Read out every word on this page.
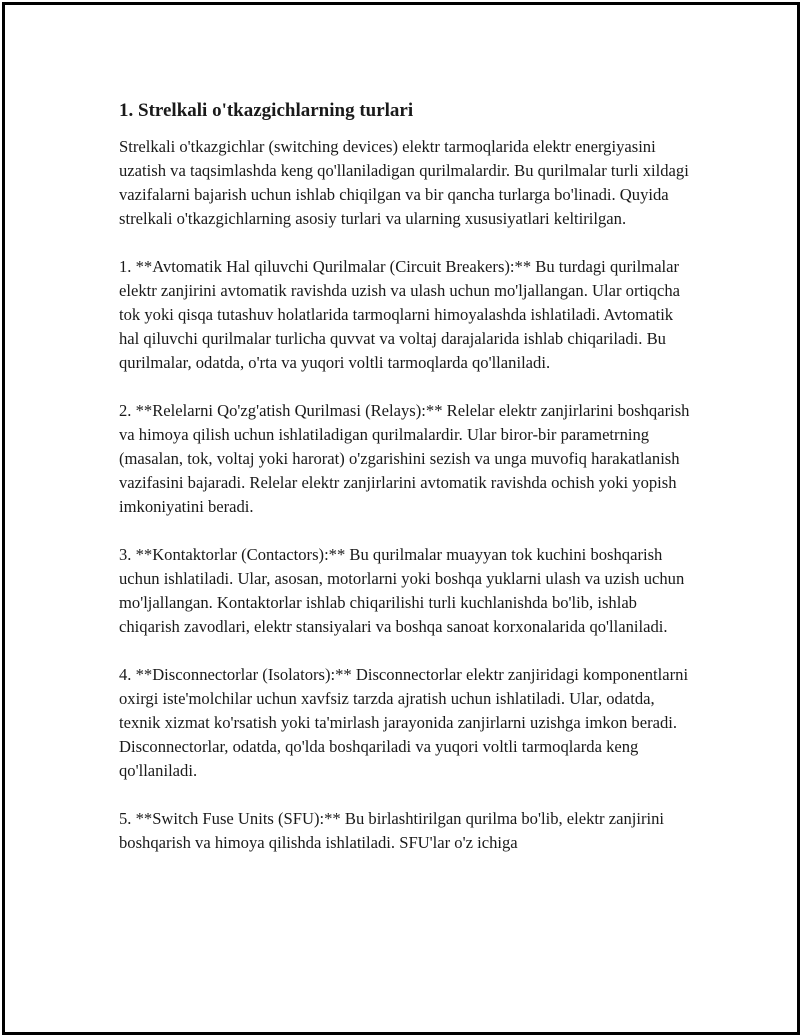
1. Strelkali o'tkazgichlarning turlari

Strelkali o'tkazgichlar (switching devices) elektr tarmoqlarida elektr energiyasini uzatish va taqsimlashda keng qo'llaniladigan qurilmalardir. Bu qurilmalar turli xildagi vazifalarni bajarish uchun ishlab chiqilgan va bir qancha turlarga bo'linadi. Quyida strelkali o'tkazgichlarning asosiy turlari va ularning xususiyatlari keltirilgan.

1. **Avtomatik Hal qiluvchi Qurilmalar (Circuit Breakers):** Bu turdagi qurilmalar elektr zanjirini avtomatik ravishda uzish va ulash uchun mo'ljallangan. Ular ortiqcha tok yoki qisqa tutashuv holatlarida tarmoqlarni himoyalashda ishlatiladi. Avtomatik hal qiluvchi qurilmalar turlicha quvvat va voltaj darajalarida ishlab chiqariladi. Bu qurilmalar, odatda, o'rta va yuqori voltli tarmoqlarda qo'llaniladi.

2. **Relelarni Qo'zg'atish Qurilmasi (Relays):** Relelar elektr zanjirlarini boshqarish va himoya qilish uchun ishlatiladigan qurilmalardir. Ular biror-bir parametrning (masalan, tok, voltaj yoki harorat) o'zgarishini sezish va unga muvofiq harakatlanish vazifasini bajaradi. Relelar elektr zanjirlarini avtomatik ravishda ochish yoki yopish imkoniyatini beradi.

3. **Kontaktorlar (Contactors):** Bu qurilmalar muayyan tok kuchini boshqarish uchun ishlatiladi. Ular, asosan, motorlarni yoki boshqa yuklarni ulash va uzish uchun mo'ljallangan. Kontaktorlar ishlab chiqarilishi turli kuchlanishda bo'lib, ishlab chiqarish zavodlari, elektr stansiyalari va boshqa sanoat korxonalarida qo'llaniladi.

4. **Disconnectorlar (Isolators):** Disconnectorlar elektr zanjiridagi komponentlarni oxirgi iste'molchilar uchun xavfsiz tarzda ajratish uchun ishlatiladi. Ular, odatda, texnik xizmat ko'rsatish yoki ta'mirlash jarayonida zanjirlarni uzishga imkon beradi. Disconnectorlar, odatda, qo'lda boshqariladi va yuqori voltli tarmoqlarda keng qo'llaniladi.

5. **Switch Fuse Units (SFU):** Bu birlashtirilgan qurilma bo'lib, elektr zanjirini boshqarish va himoya qilishda ishlatiladi. SFU'lar o'z ichiga
